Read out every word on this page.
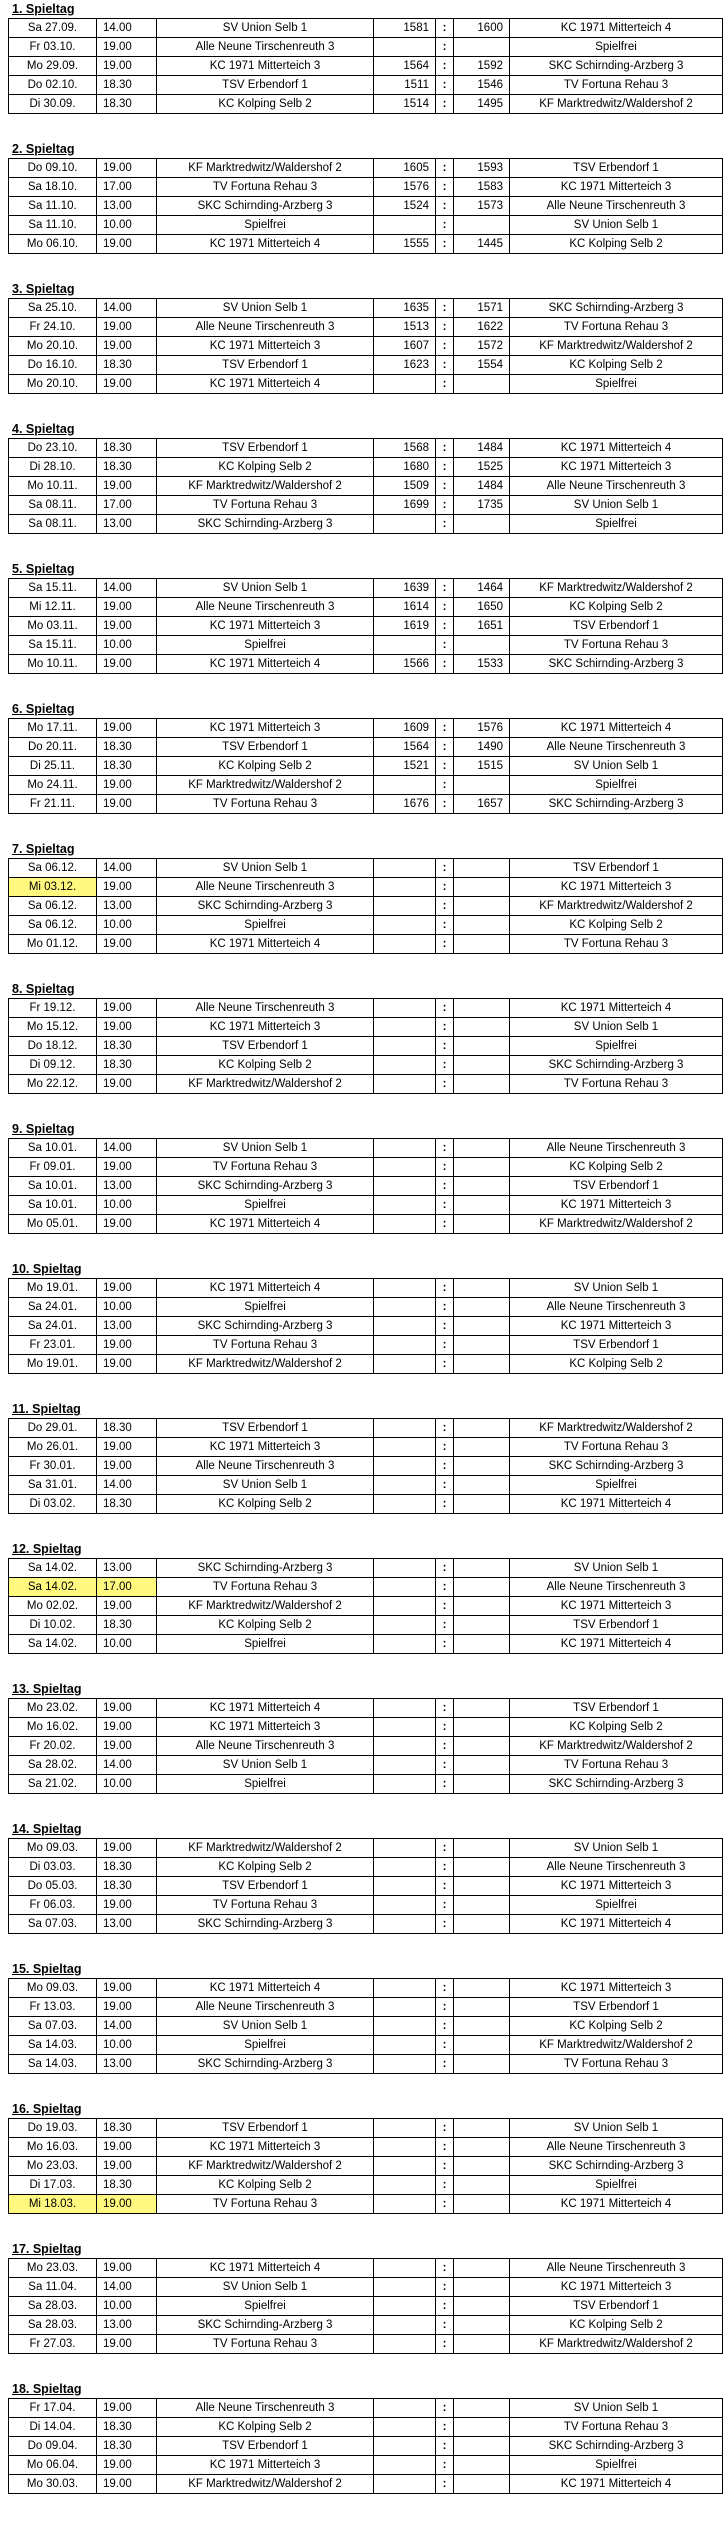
1. Spieltag
Sa 27.09.	14.00	SV Union Selb 1	1581	:	1600	KC 1971 Mitterteich 4
Fr 03.10.	19.00	Alle Neune Tirschenreuth 3		:		Spielfrei
Mo 29.09.	19.00	KC 1971 Mitterteich 3	1564	:	1592	SKC Schirnding-Arzberg 3
Do 02.10.	18.30	TSV Erbendorf 1	1511	:	1546	TV Fortuna Rehau 3
Di 30.09.	18.30	KC Kolping Selb 2	1514	:	1495	KF Marktredwitz/Waldershof 2
2. Spieltag
Do 09.10.	19.00	KF Marktredwitz/Waldershof 2	1605	:	1593	TSV Erbendorf 1
Sa 18.10.	17.00	TV Fortuna Rehau 3	1576	:	1583	KC 1971 Mitterteich 3
Sa 11.10.	13.00	SKC Schirnding-Arzberg 3	1524	:	1573	Alle Neune Tirschenreuth 3
Sa 11.10.	10.00	Spielfrei		:		SV Union Selb 1
Mo 06.10.	19.00	KC 1971 Mitterteich 4	1555	:	1445	KC Kolping Selb 2
3. Spieltag
Sa 25.10.	14.00	SV Union Selb 1	1635	:	1571	SKC Schirnding-Arzberg 3
Fr 24.10.	19.00	Alle Neune Tirschenreuth 3	1513	:	1622	TV Fortuna Rehau 3
Mo 20.10.	19.00	KC 1971 Mitterteich 3	1607	:	1572	KF Marktredwitz/Waldershof 2
Do 16.10.	18.30	TSV Erbendorf 1	1623	:	1554	KC Kolping Selb 2
Mo 20.10.	19.00	KC 1971 Mitterteich 4		:		Spielfrei
4. Spieltag
Do 23.10.	18.30	TSV Erbendorf 1	1568	:	1484	KC 1971 Mitterteich 4
Di 28.10.	18.30	KC Kolping Selb 2	1680	:	1525	KC 1971 Mitterteich 3
Mo 10.11.	19.00	KF Marktredwitz/Waldershof 2	1509	:	1484	Alle Neune Tirschenreuth 3
Sa 08.11.	17.00	TV Fortuna Rehau 3	1699	:	1735	SV Union Selb 1
Sa 08.11.	13.00	SKC Schirnding-Arzberg 3		:		Spielfrei
5. Spieltag
Sa 15.11.	14.00	SV Union Selb 1	1639	:	1464	KF Marktredwitz/Waldershof 2
Mi 12.11.	19.00	Alle Neune Tirschenreuth 3	1614	:	1650	KC Kolping Selb 2
Mo 03.11.	19.00	KC 1971 Mitterteich 3	1619	:	1651	TSV Erbendorf 1
Sa 15.11.	10.00	Spielfrei		:		TV Fortuna Rehau 3
Mo 10.11.	19.00	KC 1971 Mitterteich 4	1566	:	1533	SKC Schirnding-Arzberg 3
6. Spieltag
Mo 17.11.	19.00	KC 1971 Mitterteich 3	1609	:	1576	KC 1971 Mitterteich 4
Do 20.11.	18.30	TSV Erbendorf 1	1564	:	1490	Alle Neune Tirschenreuth 3
Di 25.11.	18.30	KC Kolping Selb 2	1521	:	1515	SV Union Selb 1
Mo 24.11.	19.00	KF Marktredwitz/Waldershof 2		:		Spielfrei
Fr 21.11.	19.00	TV Fortuna Rehau 3	1676	:	1657	SKC Schirnding-Arzberg 3
7. Spieltag
Sa 06.12.	14.00	SV Union Selb 1		:		TSV Erbendorf 1
Mi 03.12.	19.00	Alle Neune Tirschenreuth 3		:		KC 1971 Mitterteich 3
Sa 06.12.	13.00	SKC Schirnding-Arzberg 3		:		KF Marktredwitz/Waldershof 2
Sa 06.12.	10.00	Spielfrei		:		KC Kolping Selb 2
Mo 01.12.	19.00	KC 1971 Mitterteich 4		:		TV Fortuna Rehau 3
8. Spieltag
Fr 19.12.	19.00	Alle Neune Tirschenreuth 3		:		KC 1971 Mitterteich 4
Mo 15.12.	19.00	KC 1971 Mitterteich 3		:		SV Union Selb 1
Do 18.12.	18.30	TSV Erbendorf 1		:		Spielfrei
Di 09.12.	18.30	KC Kolping Selb 2		:		SKC Schirnding-Arzberg 3
Mo 22.12.	19.00	KF Marktredwitz/Waldershof 2		:		TV Fortuna Rehau 3
9. Spieltag
Sa 10.01.	14.00	SV Union Selb 1		:		Alle Neune Tirschenreuth 3
Fr 09.01.	19.00	TV Fortuna Rehau 3		:		KC Kolping Selb 2
Sa 10.01.	13.00	SKC Schirnding-Arzberg 3		:		TSV Erbendorf 1
Sa 10.01.	10.00	Spielfrei		:		KC 1971 Mitterteich 3
Mo 05.01.	19.00	KC 1971 Mitterteich 4		:		KF Marktredwitz/Waldershof 2
10. Spieltag
Mo 19.01.	19.00	KC 1971 Mitterteich 4		:		SV Union Selb 1
Sa 24.01.	10.00	Spielfrei		:		Alle Neune Tirschenreuth 3
Sa 24.01.	13.00	SKC Schirnding-Arzberg 3		:		KC 1971 Mitterteich 3
Fr 23.01.	19.00	TV Fortuna Rehau 3		:		TSV Erbendorf 1
Mo 19.01.	19.00	KF Marktredwitz/Waldershof 2		:		KC Kolping Selb 2
11. Spieltag
Do 29.01.	18.30	TSV Erbendorf 1		:		KF Marktredwitz/Waldershof 2
Mo 26.01.	19.00	KC 1971 Mitterteich 3		:		TV Fortuna Rehau 3
Fr 30.01.	19.00	Alle Neune Tirschenreuth 3		:		SKC Schirnding-Arzberg 3
Sa 31.01.	14.00	SV Union Selb 1		:		Spielfrei
Di 03.02.	18.30	KC Kolping Selb 2		:		KC 1971 Mitterteich 4
12. Spieltag
Sa 14.02.	13.00	SKC Schirnding-Arzberg 3		:		SV Union Selb 1
Sa 14.02.	17.00	TV Fortuna Rehau 3		:		Alle Neune Tirschenreuth 3
Mo 02.02.	19.00	KF Marktredwitz/Waldershof 2		:		KC 1971 Mitterteich 3
Di 10.02.	18.30	KC Kolping Selb 2		:		TSV Erbendorf 1
Sa 14.02.	10.00	Spielfrei		:		KC 1971 Mitterteich 4
13. Spieltag
Mo 23.02.	19.00	KC 1971 Mitterteich 4		:		TSV Erbendorf 1
Mo 16.02.	19.00	KC 1971 Mitterteich 3		:		KC Kolping Selb 2
Fr 20.02.	19.00	Alle Neune Tirschenreuth 3		:		KF Marktredwitz/Waldershof 2
Sa 28.02.	14.00	SV Union Selb 1		:		TV Fortuna Rehau 3
Sa 21.02.	10.00	Spielfrei		:		SKC Schirnding-Arzberg 3
14. Spieltag
Mo 09.03.	19.00	KF Marktredwitz/Waldershof 2		:		SV Union Selb 1
Di 03.03.	18.30	KC Kolping Selb 2		:		Alle Neune Tirschenreuth 3
Do 05.03.	18.30	TSV Erbendorf 1		:		KC 1971 Mitterteich 3
Fr 06.03.	19.00	TV Fortuna Rehau 3		:		Spielfrei
Sa 07.03.	13.00	SKC Schirnding-Arzberg 3		:		KC 1971 Mitterteich 4
15. Spieltag
Mo 09.03.	19.00	KC 1971 Mitterteich 4		:		KC 1971 Mitterteich 3
Fr 13.03.	19.00	Alle Neune Tirschenreuth 3		:		TSV Erbendorf 1
Sa 07.03.	14.00	SV Union Selb 1		:		KC Kolping Selb 2
Sa 14.03.	10.00	Spielfrei		:		KF Marktredwitz/Waldershof 2
Sa 14.03.	13.00	SKC Schirnding-Arzberg 3		:		TV Fortuna Rehau 3
16. Spieltag
Do 19.03.	18.30	TSV Erbendorf 1		:		SV Union Selb 1
Mo 16.03.	19.00	KC 1971 Mitterteich 3		:		Alle Neune Tirschenreuth 3
Mo 23.03.	19.00	KF Marktredwitz/Waldershof 2		:		SKC Schirnding-Arzberg 3
Di 17.03.	18.30	KC Kolping Selb 2		:		Spielfrei
Mi 18.03.	19.00	TV Fortuna Rehau 3		:		KC 1971 Mitterteich 4
17. Spieltag
Mo 23.03.	19.00	KC 1971 Mitterteich 4		:		Alle Neune Tirschenreuth 3
Sa 11.04.	14.00	SV Union Selb 1		:		KC 1971 Mitterteich 3
Sa 28.03.	10.00	Spielfrei		:		TSV Erbendorf 1
Sa 28.03.	13.00	SKC Schirnding-Arzberg 3		:		KC Kolping Selb 2
Fr 27.03.	19.00	TV Fortuna Rehau 3		:		KF Marktredwitz/Waldershof 2
18. Spieltag
Fr 17.04.	19.00	Alle Neune Tirschenreuth 3		:		SV Union Selb 1
Di 14.04.	18.30	KC Kolping Selb 2		:		TV Fortuna Rehau 3
Do 09.04.	18.30	TSV Erbendorf 1		:		SKC Schirnding-Arzberg 3
Mo 06.04.	19.00	KC 1971 Mitterteich 3		:		Spielfrei
Mo 30.03.	19.00	KF Marktredwitz/Waldershof 2		:		KC 1971 Mitterteich 4
